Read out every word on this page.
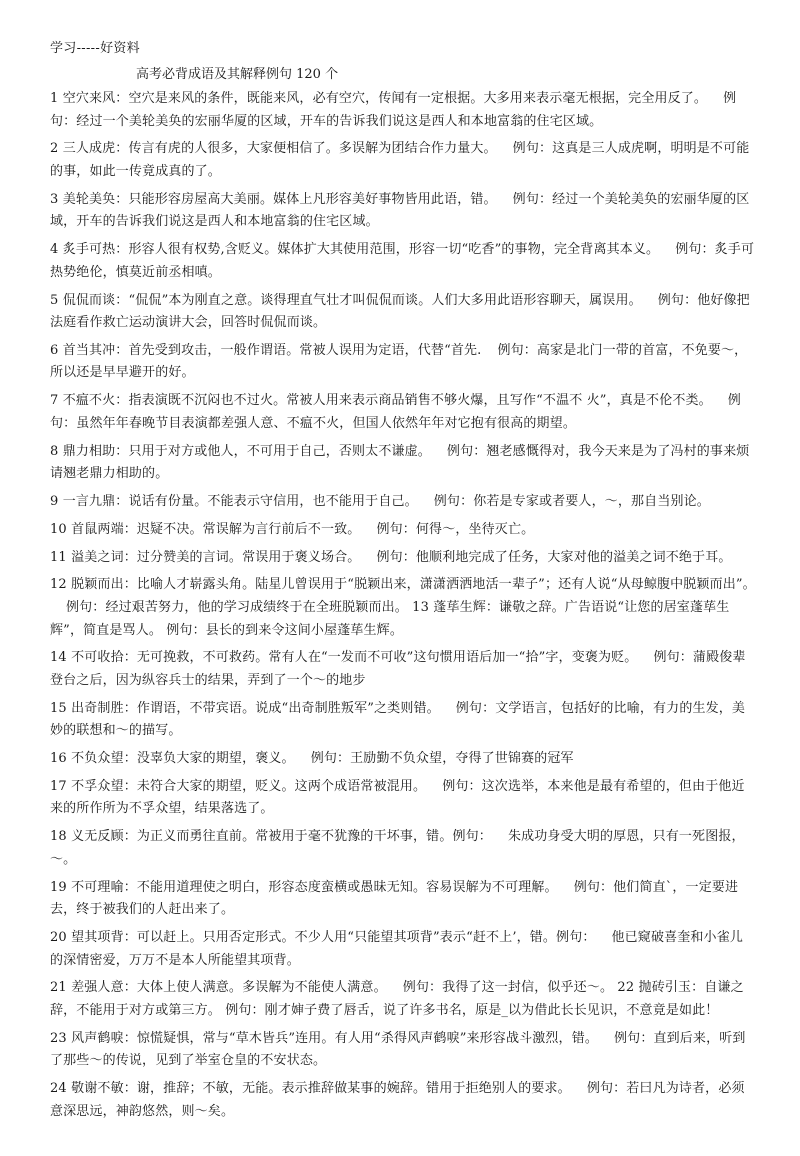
学习-----好资料
高考必背成语及其解释例句 120 个

1 空穴来风：空穴是来风的条件，既能来风，必有空穴，传闻有一定根据。大多用来表示毫无根据，完全用反了。 例句：经过一个美轮美奂的宏丽华厦的区域，开车的告诉我们说这是西人和本地富翁的住宅区域。

2 三人成虎：传言有虎的人很多，大家便相信了。多误解为团结合作力量大。 例句：这真是三人成虎啊，明明是不可能的事，如此一传竟成真的了。

3 美轮美奂：只能形容房屋高大美丽。媒体上凡形容美好事物皆用此语，错。 例句：经过一个美轮美奂的宏丽华厦的区域，开车的告诉我们说这是西人和本地富翁的住宅区域。

4 炙手可热：形容人很有权势,含贬义。媒体扩大其使用范围，形容一切“吃香”的事物，完全背离其本义。 例句：炙手可热势绝伦，慎莫近前丞相嗔。

5 侃侃而谈：“侃侃”本为刚直之意。谈得理直气壮才叫侃侃而谈。人们大多用此语形容聊天，属误用。 例句：他好像把法庭看作救亡运动演讲大会，回答时侃侃而谈。

6 首当其冲：首先受到攻击，一般作谓语。常被人误用为定语，代替“首先. 例句：高家是北门一带的首富，不免要～，所以还是早早避开的好。

7 不瘟不火：指表演既不沉闷也不过火。常被人用来表示商品销售不够火爆，且写作“不温不 火”，真是不伦不类。 例句：虽然年年春晚节目表演都差强人意、不瘟不火，但国人依然年年对它抱有很高的期望。

8 鼎力相助：只用于对方或他人，不可用于自己，否则太不谦虚。 例句：翘老感慨得对，我今天来是为了冯村的事来烦请翘老鼎力相助的。

9 一言九鼎：说话有份量。不能表示守信用，也不能用于自己。 例句：你若是专家或者要人，～，那自当别论。

10 首鼠两端：迟疑不决。常误解为言行前后不一致。 例句：何得～，坐待灭亡。

11 溢美之词：过分赞美的言词。常误用于褒义场合。 例句：他顺利地完成了任务，大家对他的溢美之词不绝于耳。

12 脱颖而出：比喻人才崭露头角。陆星儿曾误用于“脱颖出来，潇潇洒洒地活一辈子”；还有人说“从母鲸腹中脱颖而出”。例句：经过艰苦努力，他的学习成绩终于在全班脱颖而出。 13 蓬荜生辉：谦敬之辞。广告语说“让您的居室蓬荜生辉”，简直是骂人。 例句：县长的到来令这间小屋蓬荜生辉。

14 不可收拾：无可挽救，不可救药。常有人在“一发而不可收”这句惯用语后加一“拾”字，变褒为贬。 例句：蒲殿俊辈登台之后，因为纵容兵士的结果，弄到了一个～的地步

15 出奇制胜：作谓语，不带宾语。说成“出奇制胜叛军”之类则错。 例句：文学语言，包括好的比喻，有力的生发，美妙的联想和～的描写。

16 不负众望：没辜负大家的期望，褒义。 例句：王励勤不负众望，夺得了世锦赛的冠军

17 不孚众望：未符合大家的期望，贬义。这两个成语常被混用。 例句：这次选举，本来他是最有希望的，但由于他近来的所作所为不孚众望，结果落选了。

18 义无反顾：为正义而勇往直前。常被用于毫不犹豫的干坏事，错。例句： 朱成功身受大明的厚恩，只有一死图报，～。

19 不可理喻：不能用道理使之明白，形容态度蛮横或愚昧无知。容易误解为不可理解。 例句：他们简直`，一定要进去，终于被我们的人赶出来了。

20 望其项背：可以赶上。只用否定形式。不少人用“只能望其项背”表示“赶不上’，错。例句： 他已窥破喜奎和小雀儿的深情密爱，万万不是本人所能望其项背。

21 差强人意：大体上使人满意。多误解为不能使人满意。 例句：我得了这一封信，似乎还～。 22 抛砖引玉：自谦之辞，不能用于对方或第三方。 例句：刚才婶子费了唇舌，说了许多书名，原是_以为借此长长见识，不意竟是如此！

23 风声鹤唳：惊慌疑惧，常与“草木皆兵”连用。有人用“杀得风声鹤唳”来形容战斗激烈，错。 例句：直到后来，听到了那些～的传说，见到了举室仓皇的不安状态。

24 敬谢不敏：谢，推辞；不敏，无能。表示推辞做某事的婉辞。错用于拒绝别人的要求。 例句：若曰凡为诗者，必须意深思远，神韵悠然，则～矣。
